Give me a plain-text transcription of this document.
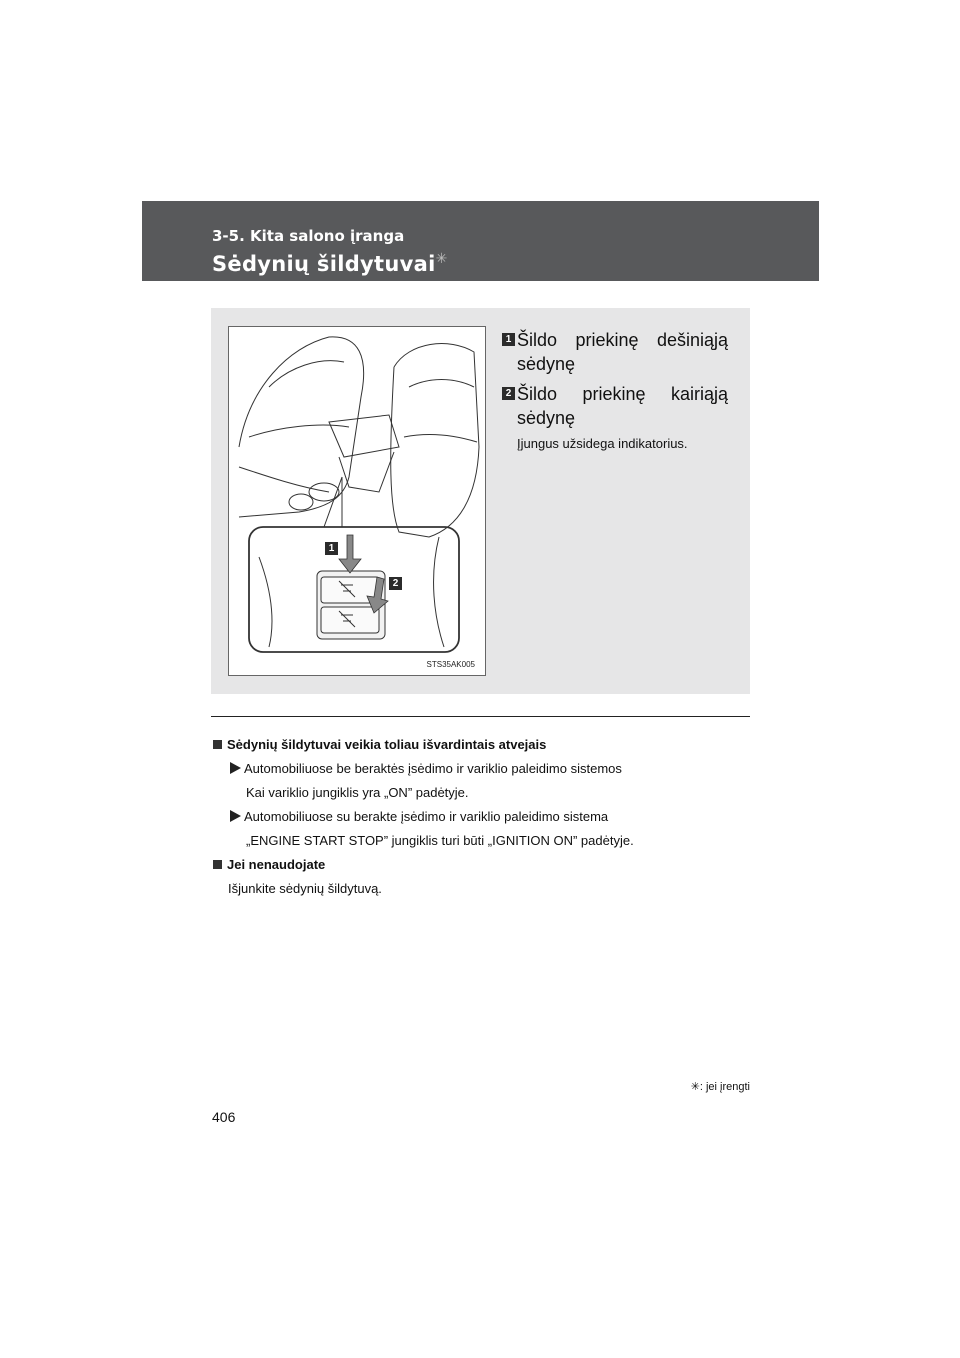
3-5. Kita salono įranga
Sėdynių šildytuvai✳
1
2
STS35AK005
1 Šildo priekinę dešiniąją
sėdynę
2 Šildo priekinę kairiąją
sėdynę
Įjungus užsidega indikatorius.
Sėdynių šildytuvai veikia toliau išvardintais atvejais
Automobiliuose be beraktės įsėdimo ir variklio paleidimo sistemos
Kai variklio jungiklis yra „ON” padėtyje.
Automobiliuose su berakte įsėdimo ir variklio paleidimo sistema
„ENGINE START STOP” jungiklis turi būti „IGNITION ON” padėtyje.
Jei nenaudojate
Išjunkite sėdynių šildytuvą.
✳: jei įrengti
406
